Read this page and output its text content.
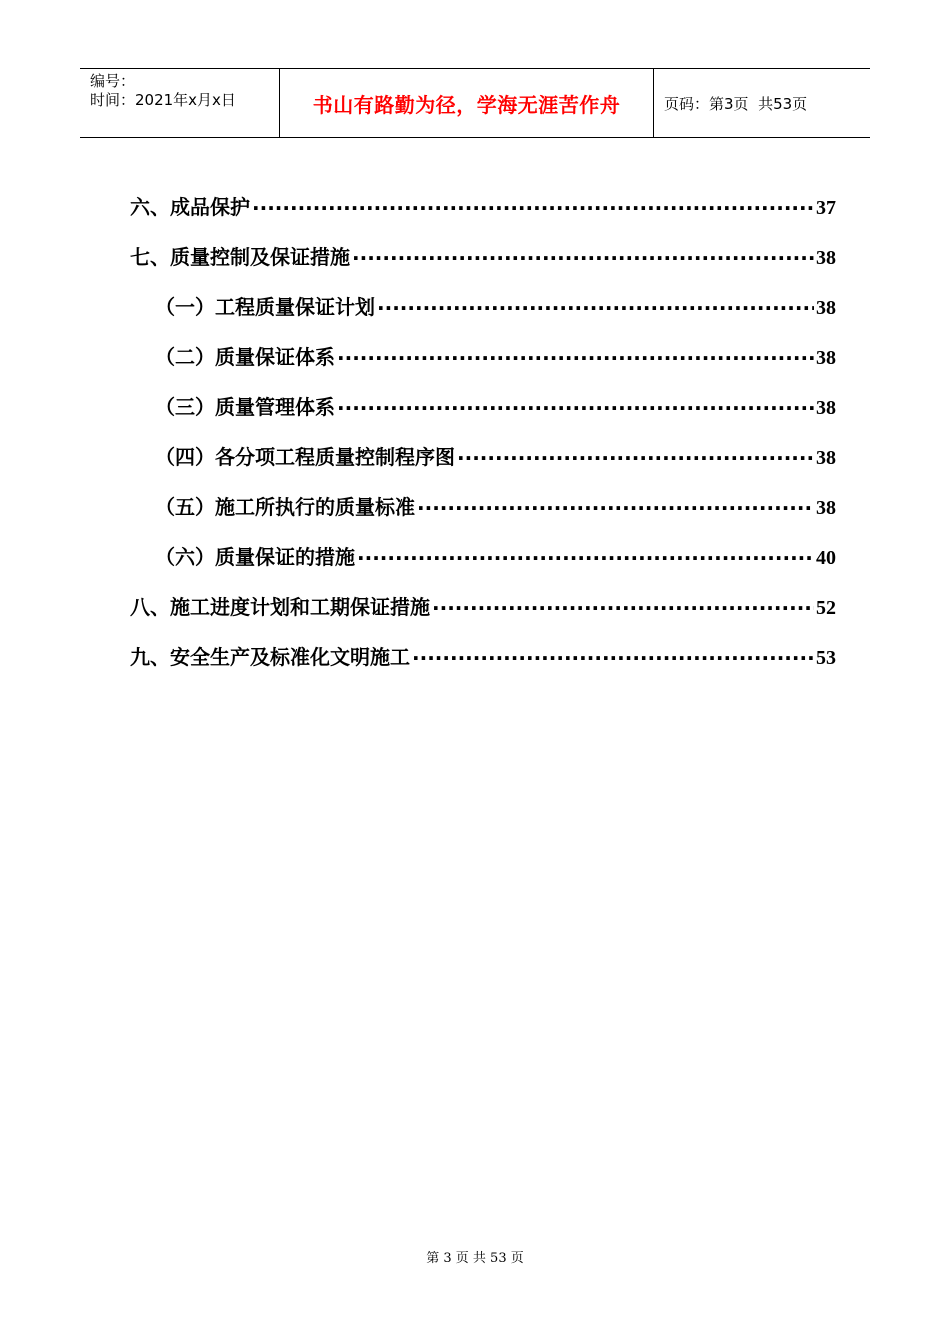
编号：
时间：2021年x月x日	书山有路勤为径，学海无涯苦作舟	页码：第3页  共53页
六、成品保护 .....	37
七、质量控制及保证措施 .....	38
（一）工程质量保证计划 .....	38
（二）质量保证体系 .....	38
（三）质量管理体系 .....	38
（四）各分项工程质量控制程序图 .....	38
（五）施工所执行的质量标准 .....	38
（六）质量保证的措施 .....	40
八、施工进度计划和工期保证措施 .....	52
九、安全生产及标准化文明施工 .....	53
第 3 页 共 53 页
